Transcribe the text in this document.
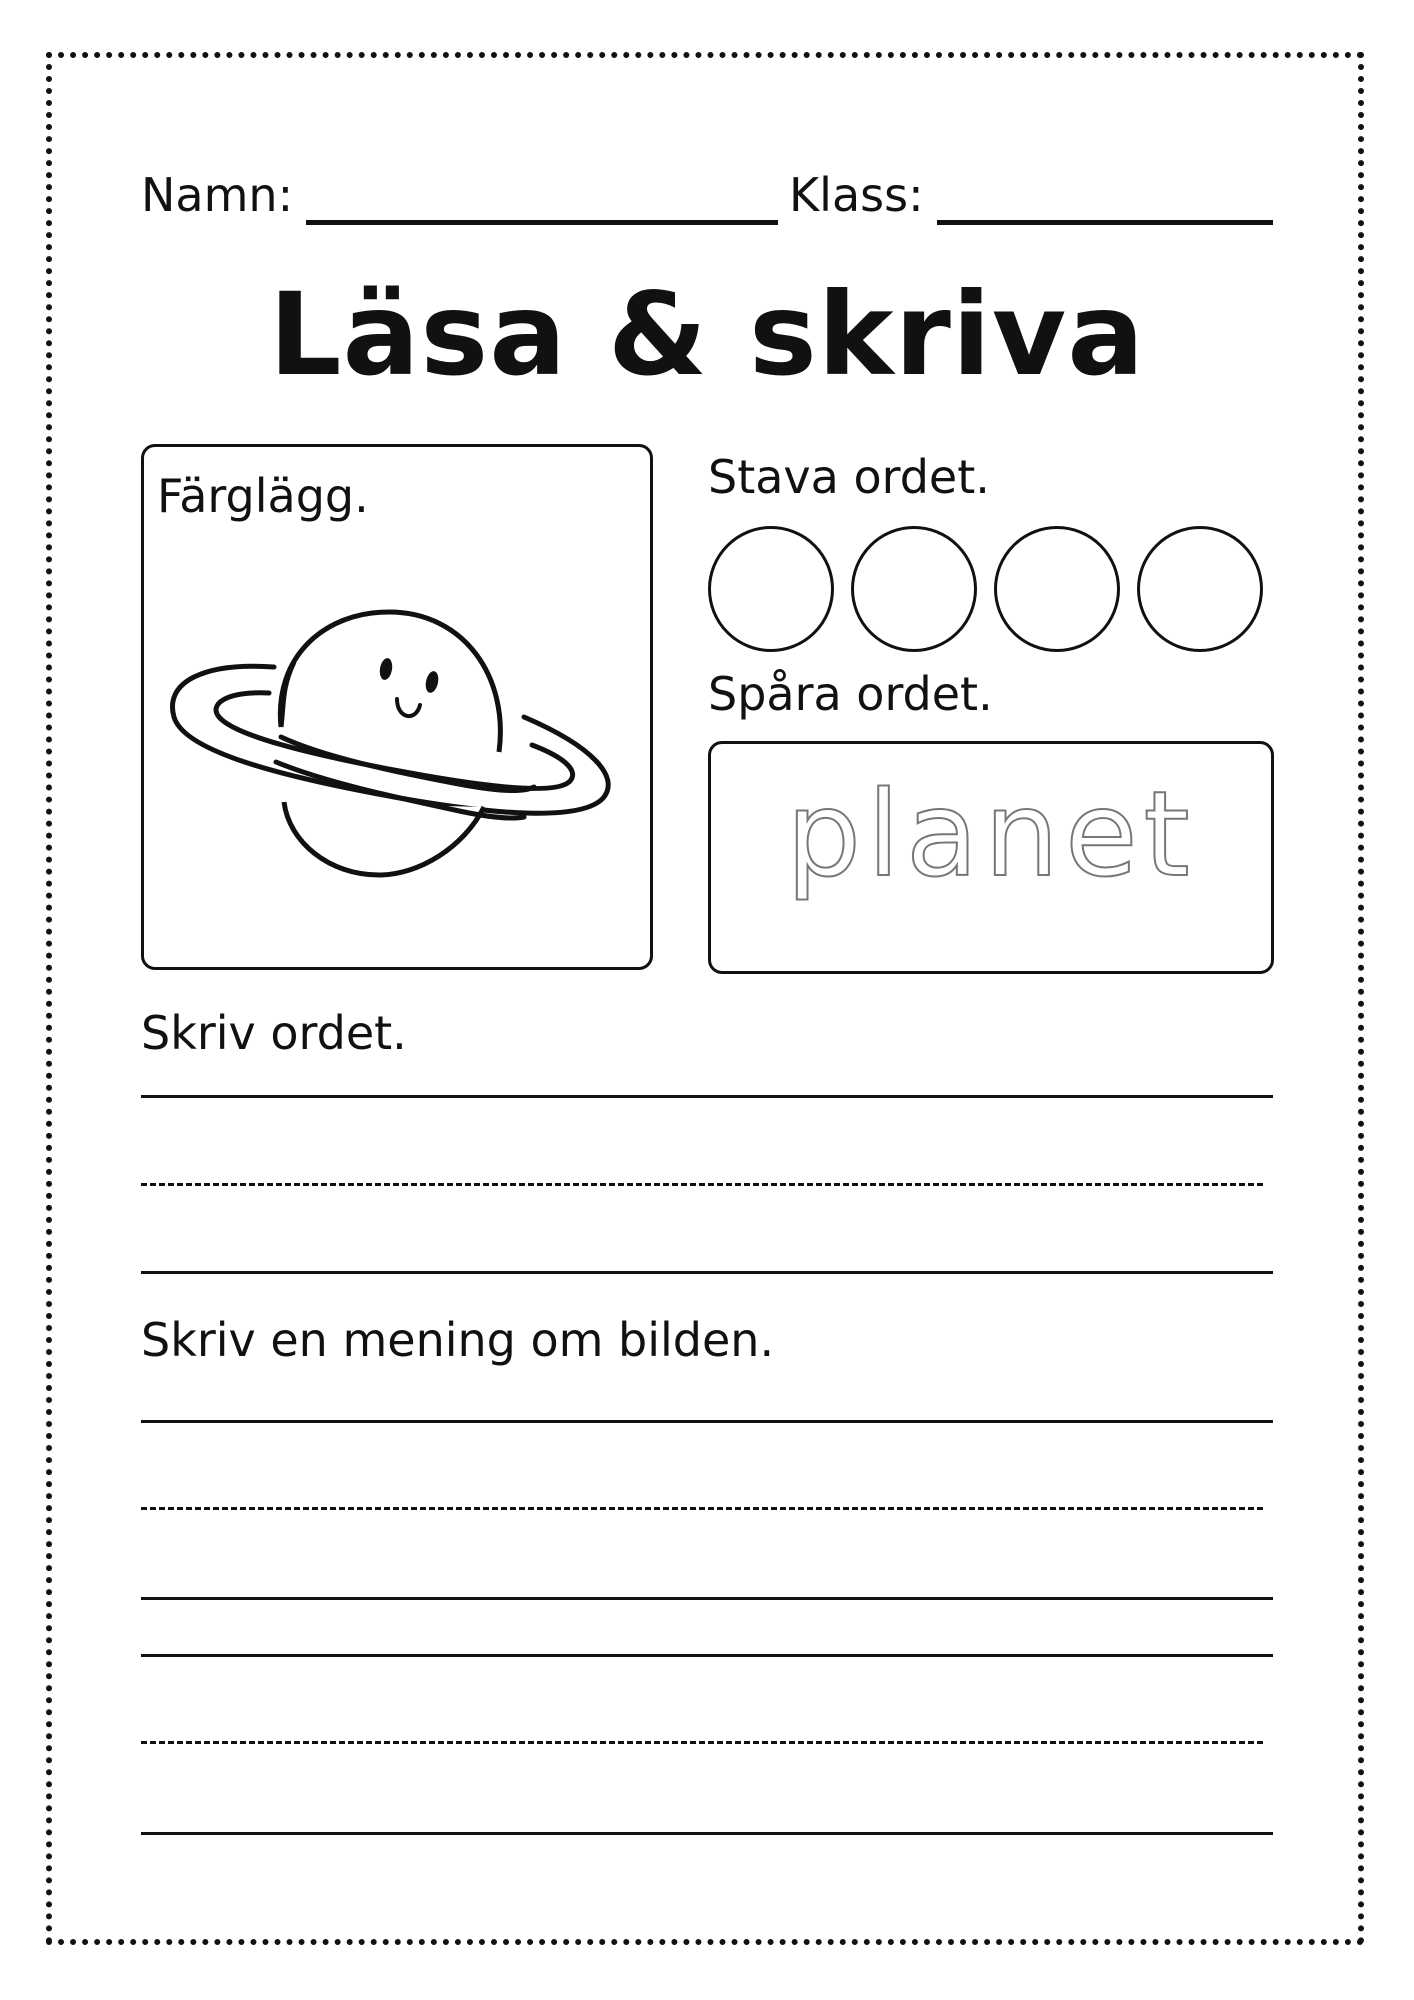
Namn:	Klass:
Läsa & skriva
Färglägg.	Stava ordet.
Spåra ordet.
planet
Skriv ordet.
Skriv en mening om bilden.
